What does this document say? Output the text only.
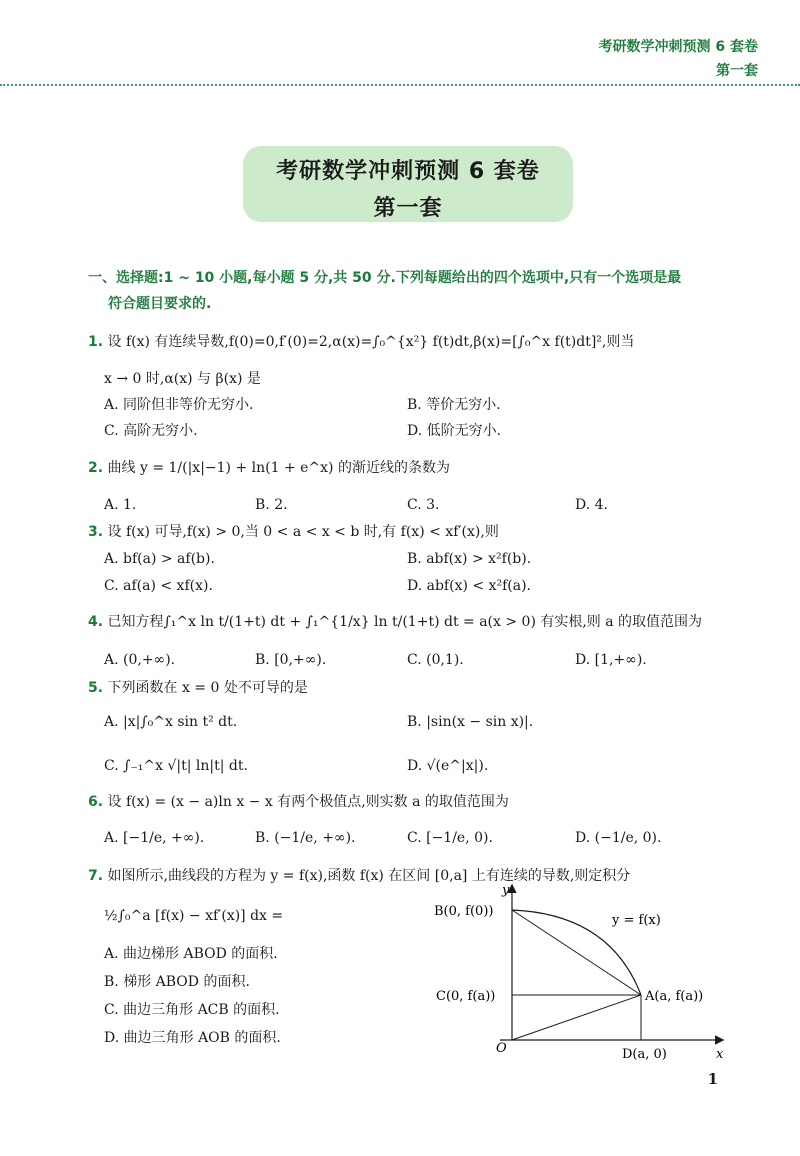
考研数学冲刺预测 6 套卷
第一套
考研数学冲刺预测 6 套卷
第一套
一、选择题:1 ~ 10 小题,每小题 5 分,共 50 分.下列每题给出的四个选项中,只有一个选项是最
符合题目要求的.
1. 设 f(x) 有连续导数,f(0)=0,f′(0)=2,α(x)=∫₀^{x²} f(t)dt,β(x)=[∫₀^x f(t)dt]²,则当
x → 0 时,α(x) 与 β(x) 是
A. 同阶但非等价无穷小.	B. 等价无穷小.
C. 高阶无穷小.	D. 低阶无穷小.
2. 曲线 y = 1/(|x|−1) + ln(1 + e^x) 的渐近线的条数为
A. 1.	B. 2.	C. 3.	D. 4.
3. 设 f(x) 可导,f(x) > 0,当 0 < a < x < b 时,有 f(x) < xf′(x),则
A. bf(a) > af(b).	B. abf(x) > x²f(b).
C. af(a) < xf(x).	D. abf(x) < x²f(a).
4. 已知方程∫₁^x ln t/(1+t) dt + ∫₁^{1/x} ln t/(1+t) dt = a(x > 0) 有实根,则 a 的取值范围为
A. (0,+∞).	B. [0,+∞).	C. (0,1).	D. [1,+∞).
5. 下列函数在 x = 0 处不可导的是
A. |x|∫₀^x sin t² dt.	B. |sin(x − sin x)|.
C. ∫₋₁^x √|t| ln|t| dt.	D. √(e^|x|).
6. 设 f(x) = (x − a)ln x − x 有两个极值点,则实数 a 的取值范围为
A. [−1/e, +∞).	B. (−1/e, +∞).	C. [−1/e, 0).	D. (−1/e, 0).
7. 如图所示,曲线段的方程为 y = f(x),函数 f(x) 在区间 [0,a] 上有连续的导数,则定积分
½∫₀^a [f(x) − xf′(x)] dx =
A. 曲边梯形 ABOD 的面积.
B. 梯形 ABOD 的面积.
C. 曲边三角形 ACB 的面积.
D. 曲边三角形 AOB 的面积.
y
x
O
B(0, f(0))
C(0, f(a))	A(a, f(a))
D(a, 0)
y = f(x)
1
